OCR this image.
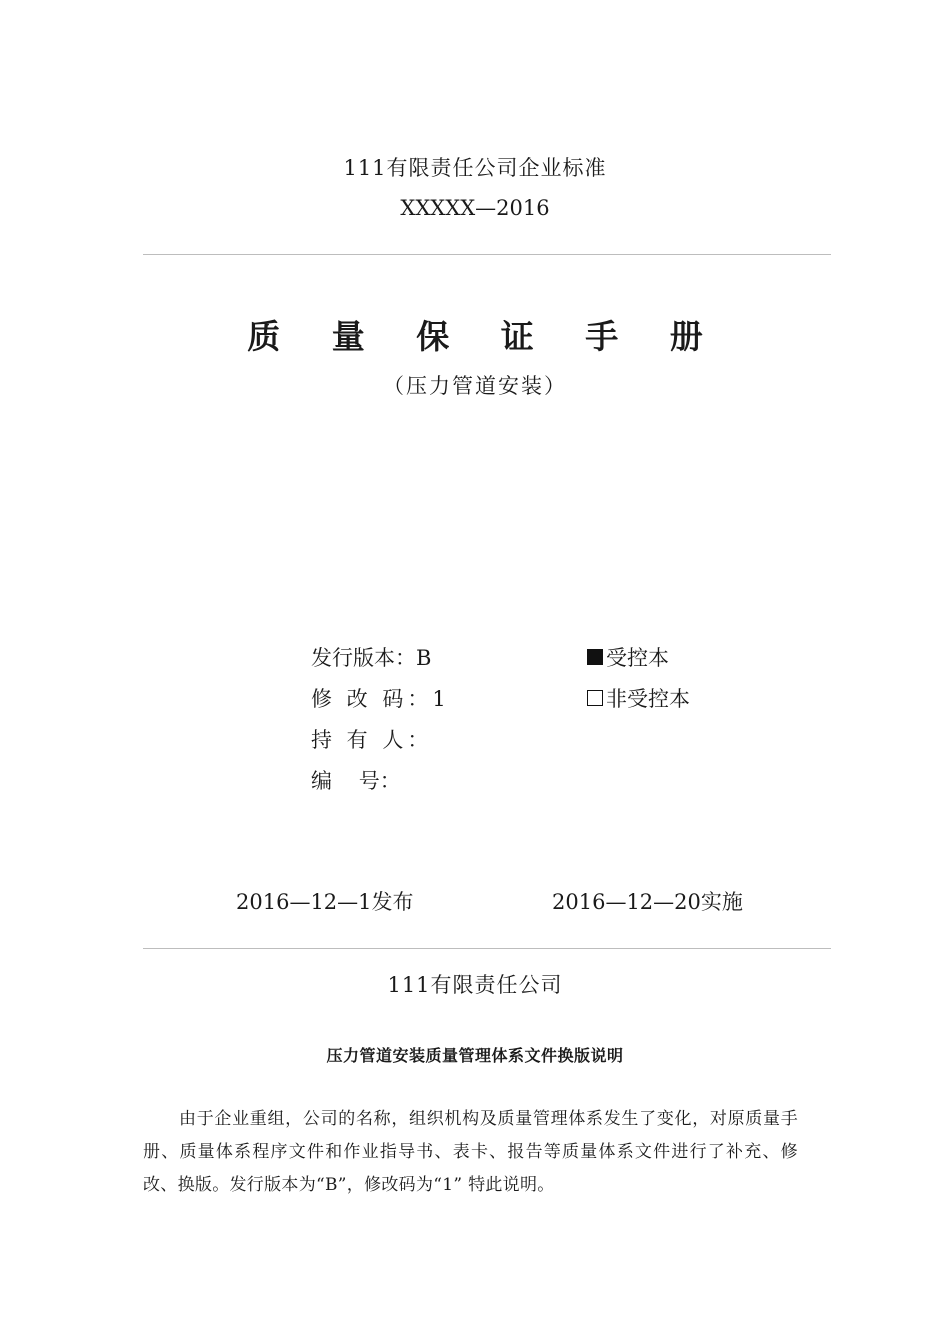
111有限责任公司企业标准
XXXXX—2016
质 量 保 证 手 册
（压力管道安装）
发行版本：B
修 改 码：1
持 有 人：
编    号：
受控本
非受控本
2016—12—1发布	2016—12—20实施
111有限责任公司
压力管道安装质量管理体系文件换版说明
由于企业重组，公司的名称，组织机构及质量管理体系发生了变化，对原质量手册、质量体系程序文件和作业指导书、表卡、报告等质量体系文件进行了补充、修改、换版。发行版本为“B”，修改码为“1” 特此说明。
